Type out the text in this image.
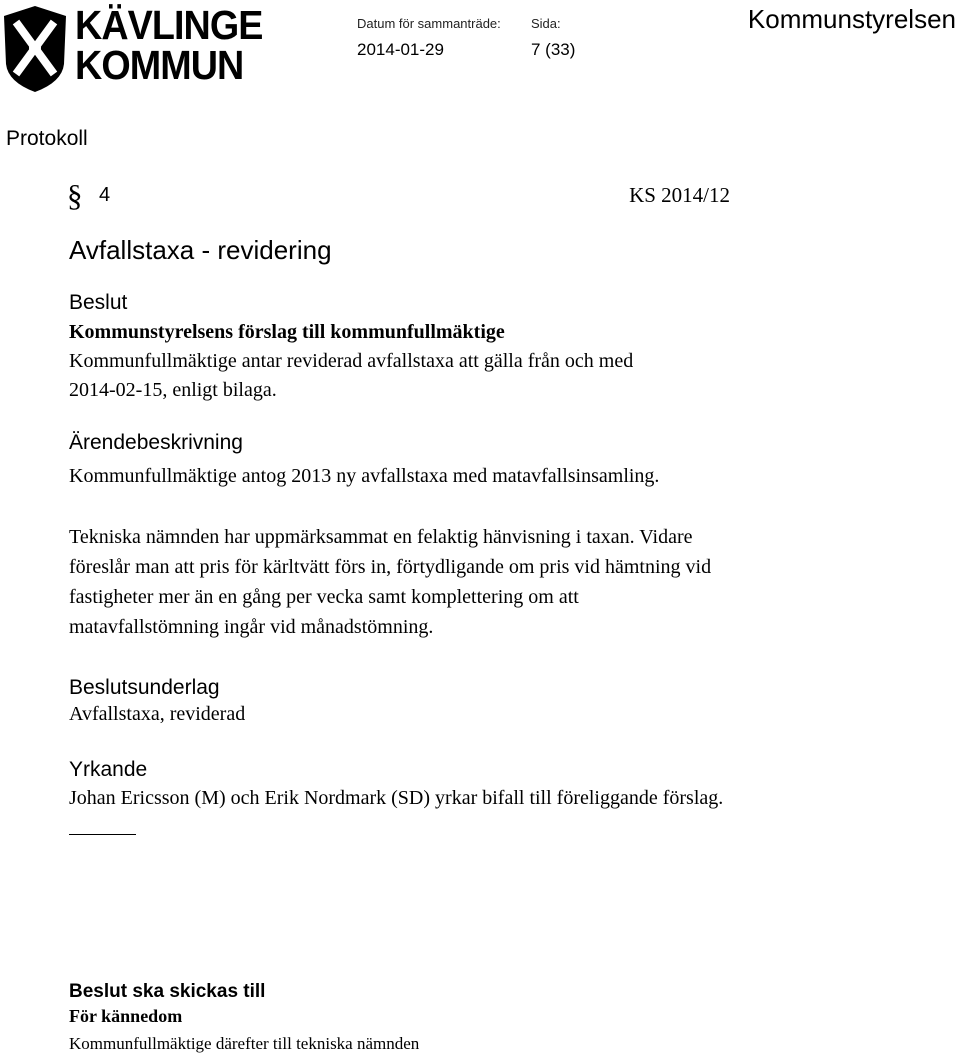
KÄVLINGE
KOMMUN
Datum för sammanträde:
2014-01-29
Sida:
7 (33)
Kommunstyrelsen
Protokoll
§ 4	KS 2014/12
Avfallstaxa - revidering
Beslut
Kommunstyrelsens förslag till kommunfullmäktige
Kommunfullmäktige antar reviderad avfallstaxa att gälla från och med
2014-02-15, enligt bilaga.
Ärendebeskrivning
Kommunfullmäktige antog 2013 ny avfallstaxa med matavfallsinsamling.
Tekniska nämnden har uppmärksammat en felaktig hänvisning i taxan. Vidare
föreslår man att pris för kärltvätt förs in, förtydligande om pris vid hämtning vid
fastigheter mer än en gång per vecka samt komplettering om att
matavfallstömning ingår vid månadstömning.
Beslutsunderlag
Avfallstaxa, reviderad
Yrkande
Johan Ericsson (M) och Erik Nordmark (SD) yrkar bifall till föreliggande förslag.
Beslut ska skickas till
För kännedom
Kommunfullmäktige därefter till tekniska nämnden
